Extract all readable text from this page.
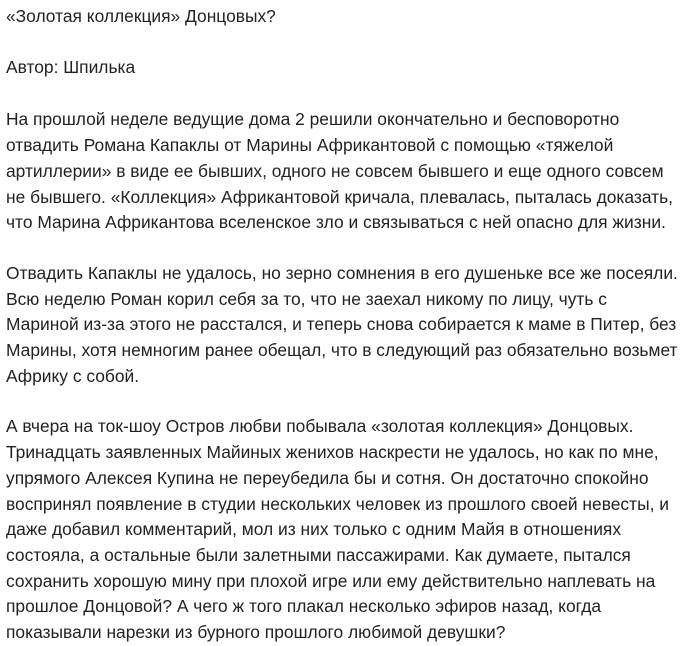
«Золотая коллекция» Донцовых?

Автор: Шпилька

На прошлой неделе ведущие дома 2 решили окончательно и бесповоротно
отвадить Романа Капаклы от Марины Африкантовой с помощью «тяжелой
артиллерии» в виде ее бывших, одного не совсем бывшего и еще одного совсем
не бывшего. «Коллекция» Африкантовой кричала, плевалась, пыталась доказать,
что Марина Африкантова вселенское зло и связываться с ней опасно для жизни.

Отвадить Капаклы не удалось, но зерно сомнения в его душеньке все же посеяли.
Всю неделю Роман корил себя за то, что не заехал никому по лицу, чуть с
Мариной из-за этого не расстался, и теперь снова собирается к маме в Питер, без
Марины, хотя немногим ранее обещал, что в следующий раз обязательно возьмет
Африку с собой.

А вчера на ток-шоу Остров любви побывала «золотая коллекция» Донцовых.
Тринадцать заявленных Майиных женихов наскрести не удалось, но как по мне,
упрямого Алексея Купина не переубедила бы и сотня. Он достаточно спокойно
воспринял появление в студии нескольких человек из прошлого своей невесты, и
даже добавил комментарий, мол из них только с одним Майя в отношениях
состояла, а остальные были залетными пассажирами. Как думаете, пытался
сохранить хорошую мину при плохой игре или ему действительно наплевать на
прошлое Донцовой? А чего ж того плакал несколько эфиров назад, когда
показывали нарезки из бурного прошлого любимой девушки?
